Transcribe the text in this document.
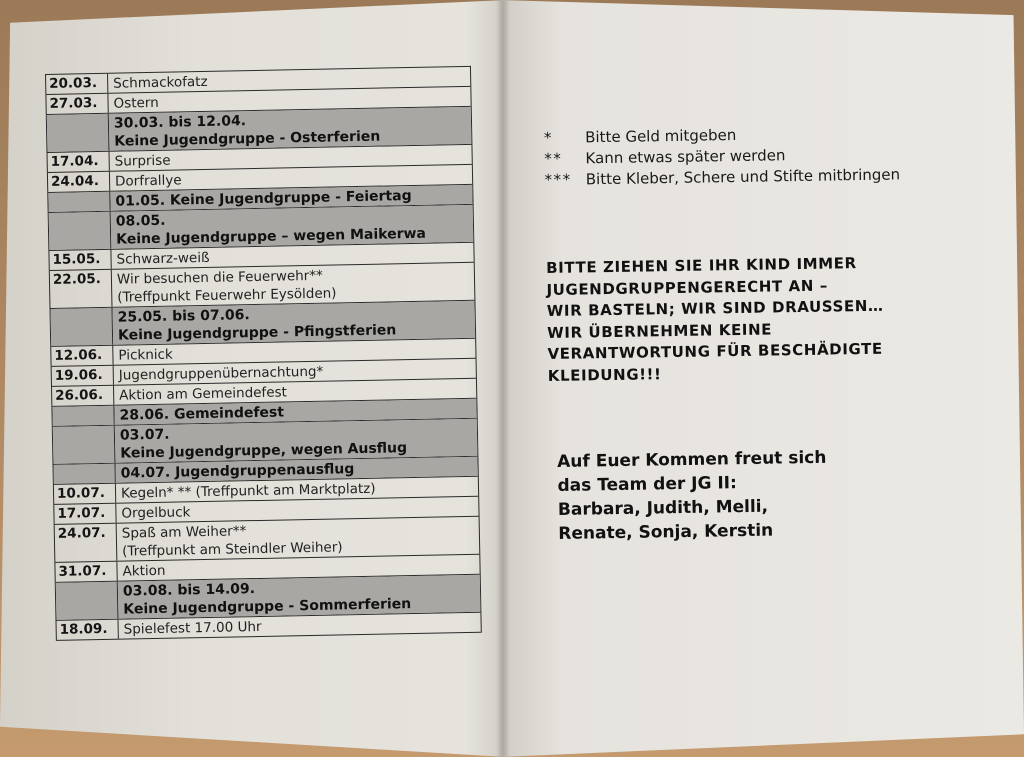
20.03.	Schmackofatz
27.03.	Ostern
30.03. bis 12.04.
Keine Jugendgruppe - Osterferien
17.04.	Surprise
24.04.	Dorfrallye
01.05. Keine Jugendgruppe - Feiertag
08.05.
Keine Jugendgruppe – wegen Maikerwa
15.05.	Schwarz-weiß
22.05.	Wir besuchen die Feuerwehr**
(Treffpunkt Feuerwehr Eysölden)
25.05. bis 07.06.
Keine Jugendgruppe - Pfingstferien
12.06.	Picknick
19.06.	Jugendgruppenübernachtung*
26.06.	Aktion am Gemeindefest
28.06. Gemeindefest
03.07.
Keine Jugendgruppe, wegen Ausflug
04.07. Jugendgruppenausflug
10.07.	Kegeln* ** (Treffpunkt am Marktplatz)
17.07.	Orgelbuck
24.07.	Spaß am Weiher**
(Treffpunkt am Steindler Weiher)
31.07.	Aktion
03.08. bis 14.09.
Keine Jugendgruppe - Sommerferien
18.09.	Spielefest 17.00 Uhr
*	Bitte Geld mitgeben
**	Kann etwas später werden
*** Bitte Kleber, Schere und Stifte mitbringen
BITTE ZIEHEN SIE IHR KIND IMMER
JUGENDGRUPPENGERECHT AN –
WIR BASTELN; WIR SIND DRAUSSEN…
WIR ÜBERNEHMEN KEINE
VERANTWORTUNG FÜR BESCHÄDIGTE
KLEIDUNG!!!
Auf Euer Kommen freut sich
das Team der JG II:
Barbara, Judith, Melli,
Renate, Sonja, Kerstin
